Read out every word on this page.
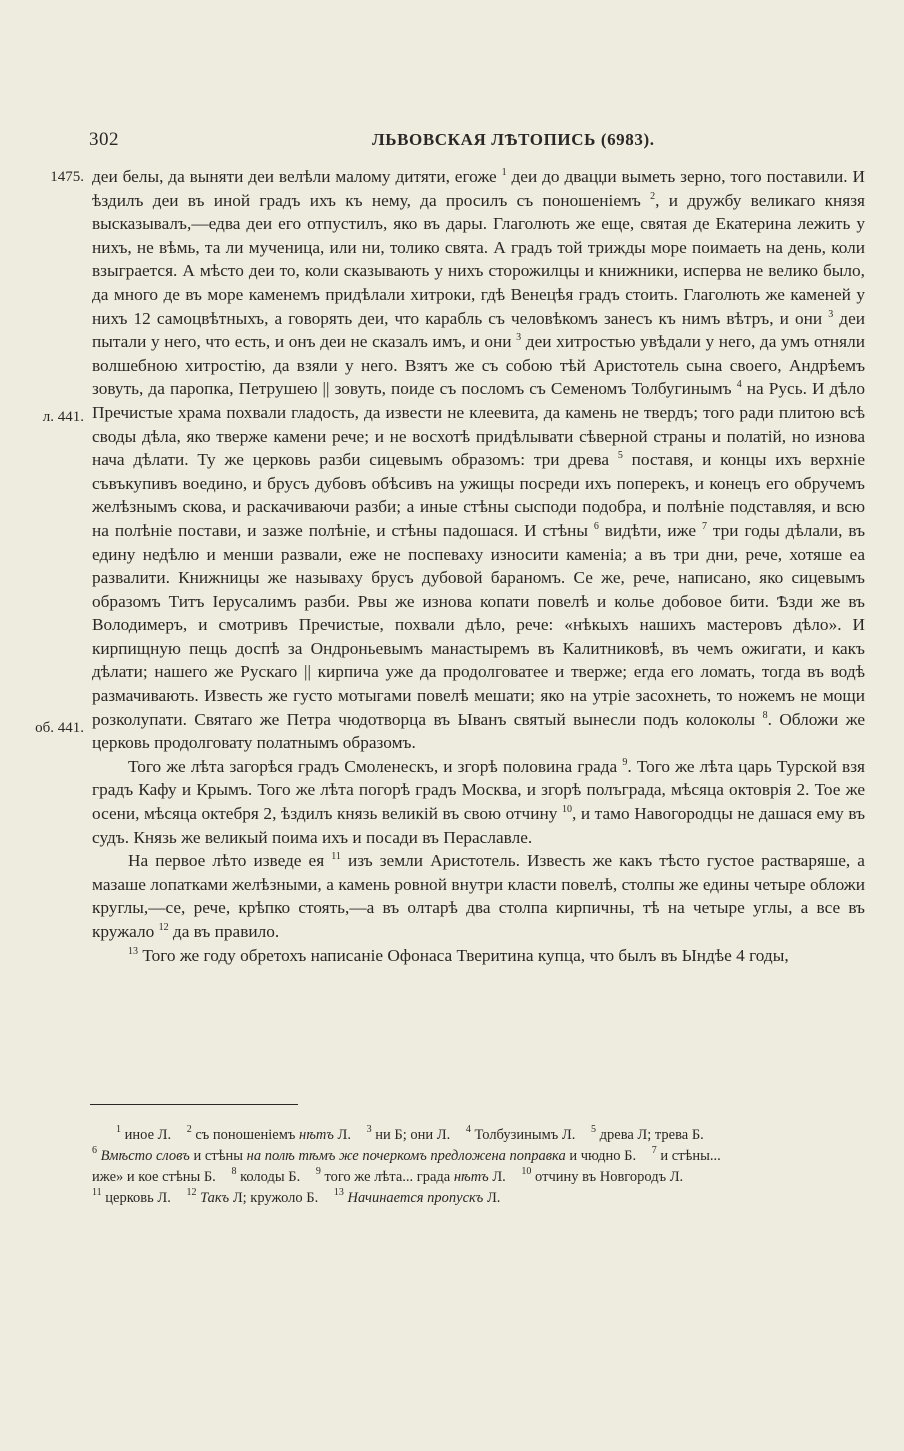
302	ЛЬВОВСКАЯ ЛѢТОПИСЬ (6983).
1475.
л. 441.
об. 441.

деи белы, да выняти деи велѣли малому дитяти, егоже $^1$ деи до двацџи выметь зерно, того поставили. И ѣздилъ деи въ иной градъ ихъ къ нему, да просилъ съ поношенiемъ $^2$, и дружбу великаго князя высказывалъ,—едва деи его отпустилъ, яко въ дары. Глаголють же еще, святая де Екатерина лежить у нихъ, не вѣмь, та ли мученица, или ни, толико свята. А градъ той трижды море поимаеть на день, коли взыграется. А мѣсто деи то, коли сказывають у нихъ сторожилцы и книжники, исперва не велико было, да много де въ море каменемъ придѣлали хитроки, гдѣ Венецѣя градъ стоить. Глаголють же каменей у нихъ 12 самоцвѣтныхъ, а говорять деи, что карабль съ человѣкомъ занесъ къ нимъ вѣтръ, и они $^3$ деи пытали у него, что есть, и онъ деи не сказалъ имъ, и они $^3$ деи хитростью увѣдали у него, да умъ отняли волшебною хитростiю, да взяли у него. Взятъ же съ собою тѣй Аристотель сына своего, Андрѣемъ зовуть, да паропка, Петрушею || зовуть, поиде съ посломъ съ Семеномъ Толбугинымъ $^4$ на Русь. И дѣло Пречистые храма похвали гладость, да извести не клеевита, да камень не твердъ; того ради плитою всѣ своды дѣла, яко тверже камени рече; и не восхотѣ придѣлывати сѣверной страны и полатiй, но изнова нача дѣлати. Ту же церковь разби сицевымъ образомъ: три древа $^5$ поставя, и концы ихъ верхнiе съвъкупивъ воедино, и брусъ дубовъ обѣсивъ на ужищы посреди ихъ поперекъ, и конецъ его обручемъ желѣзнымъ скова, и раскачиваючи разби; а иные стѣны сысподи подобра, и полѣнiе подставляя, и всю на полѣнiе постави, и зазже полѣнiе, и стѣны падошася. И стѣны $^6$ видѣти, иже $^7$ три годы дѣлали, въ едину недѣлю и менши развали, еже не поспеваху износити каменiа; а въ три дни, рече, хотяше еа развалити. Книжницы же называху брусъ дубовой бараномъ. Се же, рече, написано, яко сицевымъ образомъ Титъ Iерусалимъ разби. Рвы же изнова копати повелѣ и колье добовое бити. Ѣзди же въ Володимеръ, и смотривъ Пречистые, похвали дѣло, рече: «нѣкыхъ нашихъ мастеровъ дѣло». И кирпищную пещь доспѣ за Ондроньевымъ манастыремъ въ Калитниковѣ, въ чемъ ожигати, и какъ дѣлати; нашего же Рускаго || кирпича уже да продолговатее и тверже; егда его ломать, тогда въ водѣ размачивають. Известь же густо мотыгами повелѣ мешати; яко на утрiе засохнеть, то ножемъ не мощи розколупати. Святаго же Петра чюдотворца въ Ыванъ святый вынесли подъ колоколы $^8$. Обложи же церковь продолговату полатнымъ образомъ.

Того же лѣта загорѣся градъ Смоленескъ, и згорѣ половина града $^9$. Того же лѣта царь Турской взя градъ Кафу и Крымъ. Того же лѣта погорѣ градъ Москва, и згорѣ полъграда, мѣсяца октоврiя 2. Тое же осени, мѣсяца октебря 2, ѣздилъ князь великiй въ свою отчину $^{10}$, и тамо Навогородцы не дашася ему въ судъ. Князь же великый поима ихъ и посади въ Пераславле.

На первое лѣто изведе ея $^{11}$ изъ земли Аристотель. Известь же какъ тѣсто густое растваряше, а мазаше лопатками желѣзными, а камень ровной внутри класти повелѣ, столпы же едины четыре обложи круглы,—се, рече, крѣпко стоять,—а въ олтарѣ два столпа кирпичны, тѣ на четыре углы, а все въ кружало $^{12}$ да въ правило.

$^{13}$ Того же году обретохъ написанiе Офонаса Тверитина купца, что былъ въ Ындѣе 4 годы,

$^1$ иное Л. $^2$ съ поношенiемъ нѣтъ Л. $^3$ ни Б; они Л. $^4$ Толбузинымъ Л. $^5$ древа Л; трева Б.

$^6$ Вмѣсто словъ и стѣны на полѣ тѣмъ же почеркомъ предложена поправка и чюдно Б. $^7$ и стѣны...

иже» и кое стѣны Б. $^8$ колоды Б. $^9$ того же лѣта... града нѣтъ Л. $^{10}$ отчину въ Новгородъ Л.

$^{11}$ церковь Л. $^{12}$ Такъ Л; кружоло Б. $^{13}$ Начинается пропускъ Л.
